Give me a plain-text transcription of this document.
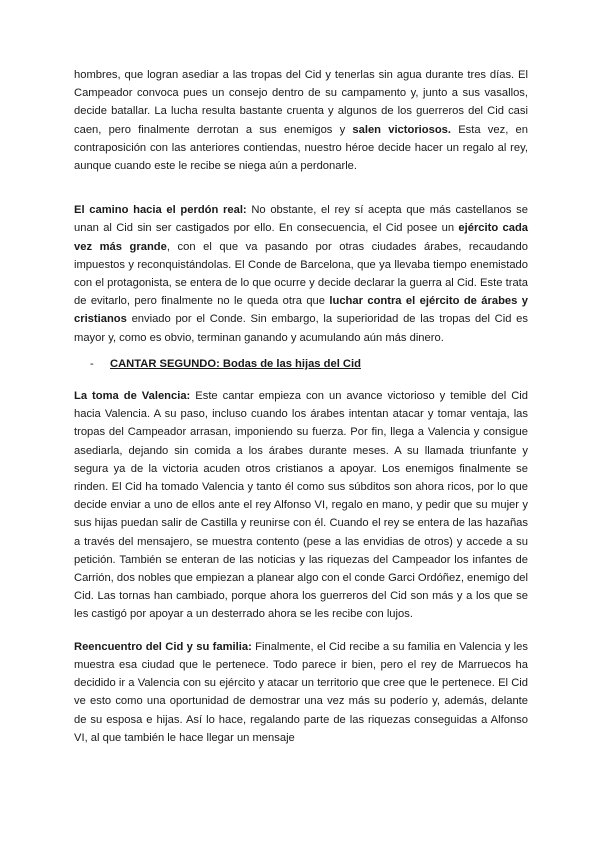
hombres, que logran asediar a las tropas del Cid y tenerlas sin agua durante tres días. El Campeador convoca pues un consejo dentro de su campamento y, junto a sus vasallos, decide batallar. La lucha resulta bastante cruenta y algunos de los guerreros del Cid casi caen, pero finalmente derrotan a sus enemigos y salen victoriosos. Esta vez, en contraposición con las anteriores contiendas, nuestro héroe decide hacer un regalo al rey, aunque cuando este le recibe se niega aún a perdonarle.

El camino hacia el perdón real: No obstante, el rey sí acepta que más castellanos se unan al Cid sin ser castigados por ello. En consecuencia, el Cid posee un ejército cada vez más grande, con el que va pasando por otras ciudades árabes, recaudando impuestos y reconquistándolas. El Conde de Barcelona, que ya llevaba tiempo enemistado con el protagonista, se entera de lo que ocurre y decide declarar la guerra al Cid. Este trata de evitarlo, pero finalmente no le queda otra que luchar contra el ejército de árabes y cristianos enviado por el Conde. Sin embargo, la superioridad de las tropas del Cid es mayor y, como es obvio, terminan ganando y acumulando aún más dinero.

-	CANTAR SEGUNDO: Bodas de las hijas del Cid

La toma de Valencia: Este cantar empieza con un avance victorioso y temible del Cid hacia Valencia. A su paso, incluso cuando los árabes intentan atacar y tomar ventaja, las tropas del Campeador arrasan, imponiendo su fuerza. Por fin, llega a Valencia y consigue asediarla, dejando sin comida a los árabes durante meses. A su llamada triunfante y segura ya de la victoria acuden otros cristianos a apoyar. Los enemigos finalmente se rinden. El Cid ha tomado Valencia y tanto él como sus súbditos son ahora ricos, por lo que decide enviar a uno de ellos ante el rey Alfonso VI, regalo en mano, y pedir que su mujer y sus hijas puedan salir de Castilla y reunirse con él. Cuando el rey se entera de las hazañas a través del mensajero, se muestra contento (pese a las envidias de otros) y accede a su petición. También se enteran de las noticias y las riquezas del Campeador los infantes de Carrión, dos nobles que empiezan a planear algo con el conde Garci Ordóñez, enemigo del Cid. Las tornas han cambiado, porque ahora los guerreros del Cid son más y a los que se les castigó por apoyar a un desterrado ahora se les recibe con lujos.

Reencuentro del Cid y su familia: Finalmente, el Cid recibe a su familia en Valencia y les muestra esa ciudad que le pertenece. Todo parece ir bien, pero el rey de Marruecos ha decidido ir a Valencia con su ejército y atacar un territorio que cree que le pertenece. El Cid ve esto como una oportunidad de demostrar una vez más su poderío y, además, delante de su esposa e hijas. Así lo hace, regalando parte de las riquezas conseguidas a Alfonso VI, al que también le hace llegar un mensaje
